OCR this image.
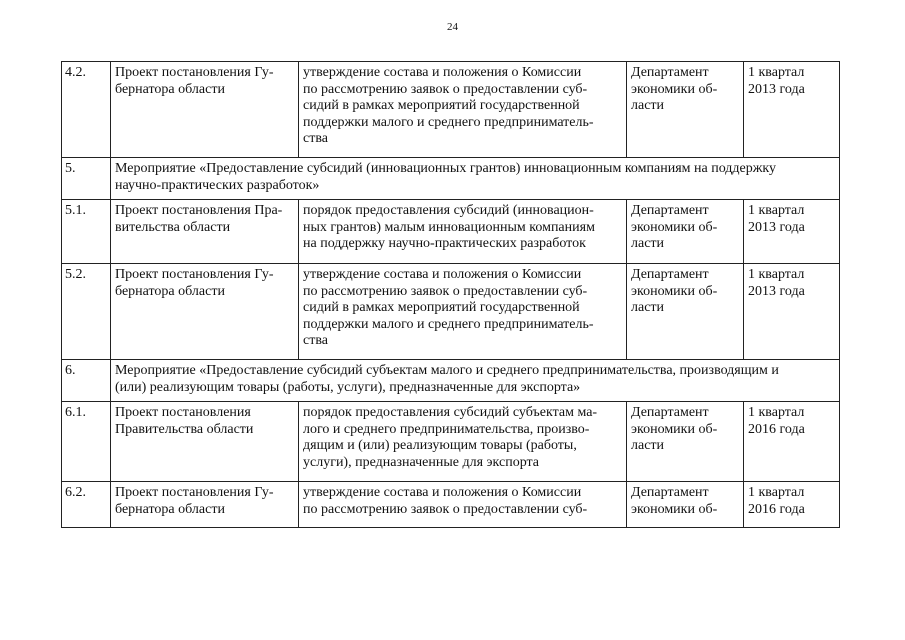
24
4.2.	Проект постановления Гу-
бернатора области	утверждение состава и положения о Комиссии
по рассмотрению заявок о предоставлении суб-
сидий в рамках мероприятий государственной
поддержки малого и среднего предприниматель-
ства	Департамент
экономики об-
ласти	1 квартал
2013 года
5.	Мероприятие «Предоставление субсидий (инновационных грантов) инновационным компаниям на поддержку
научно-практических разработок»			
5.1.	Проект постановления Пра-
вительства области	порядок предоставления субсидий (инновацион-
ных грантов) малым инновационным компаниям
на поддержку научно-практических разработок	Департамент
экономики об-
ласти	1 квартал
2013 года
5.2.	Проект постановления Гу-
бернатора области	утверждение состава и положения о Комиссии
по рассмотрению заявок о предоставлении суб-
сидий в рамках мероприятий государственной
поддержки малого и среднего предприниматель-
ства	Департамент
экономики об-
ласти	1 квартал
2013 года
6.	Мероприятие «Предоставление субсидий субъектам малого и среднего предпринимательства, производящим и
(или) реализующим товары (работы, услуги), предназначенные для экспорта»			
6.1.	Проект постановления
Правительства области	порядок предоставления субсидий субъектам ма-
лого и среднего предпринимательства, произво-
дящим и (или) реализующим товары (работы,
услуги), предназначенные для экспорта	Департамент
экономики об-
ласти	1 квартал
2016 года
6.2.	Проект постановления Гу-
бернатора области	утверждение состава и положения о Комиссии
по рассмотрению заявок о предоставлении суб-	Департамент
экономики об-	1 квартал
2016 года
